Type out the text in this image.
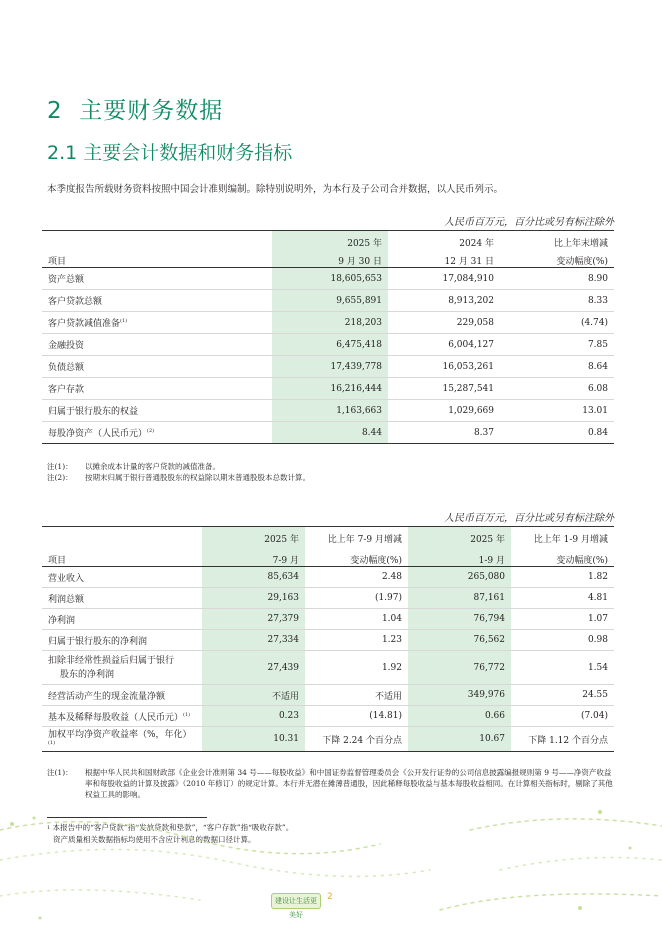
2 主要财务数据
2.1 主要会计数据和财务指标

本季度报告所载财务资料按照中国会计准则编制。除特别说明外，为本行及子公司合并数据，以人民币列示。

人民币百万元，百分比或另有标注除外

	2025 年	2024 年	比上年末增减
项目	9 月 30 日	12 月 31 日	变动幅度(%)
资产总额	18,605,653	17,084,910	8.90
客户贷款总额	9,655,891	8,913,202	8.33
客户贷款减值准备$^{(1)}$	218,203	229,058	(4.74)
金融投资	6,475,418	6,004,127	7.85
负债总额	17,439,778	16,053,261	8.64
客户存款	16,216,444	15,287,541	6.08
归属于银行股东的权益	1,163,663	1,029,669	13.01
每股净资产（人民币元）$^{(2)}$	8.44	8.37	0.84
注(1)：	以摊余成本计量的客户贷款的减值准备。
注(2)：	按期末归属于银行普通股股东的权益除以期末普通股股本总数计算。

人民币百万元，百分比或另有标注除外

	2025 年	比上年 7-9 月增减	2025 年	比上年 1-9 月增减
项目	7-9 月	变动幅度(%)	1-9 月	变动幅度(%)
营业收入	85,634	2.48	265,080	1.82
利润总额	29,163	(1.97)	87,161	4.81
净利润	27,379	1.04	76,794	1.07
归属于银行股东的净利润	27,334	1.23	76,562	0.98

扣除非经常性损益后归属于银行
股东的净利润	27,439	1.92	76,772	1.54
经营活动产生的现金流量净额	不适用	不适用	349,976	24.55
基本及稀释每股收益（人民币元）$^{(1)}$	0.23	(14.81)	0.66	(7.04)
加权平均净资产收益率（%，年化）$^{(1)}$	10.31	下降 2.24 个百分点	10.67	下降 1.12 个百分点
注(1)：	根据中华人民共和国财政部《企业会计准则第 34 号——每股收益》和中国证券监督管理委员会《公开发行证券的公司信息披露编报规则第 9 号——净资产收益率和每股收益的计算及披露》（2010 年修订）的规定计算。本行并无潜在摊薄普通股，因此稀释每股收益与基本每股收益相同。在计算相关指标时，剔除了其他权益工具的影响。
$^1$ 本报告中的“客户贷款”指“发放贷款和垫款”，“客户存款”指“吸收存款”。
资产质量相关数据指标均使用不含应计利息的数据口径计算。
建设让生活更美好
2
